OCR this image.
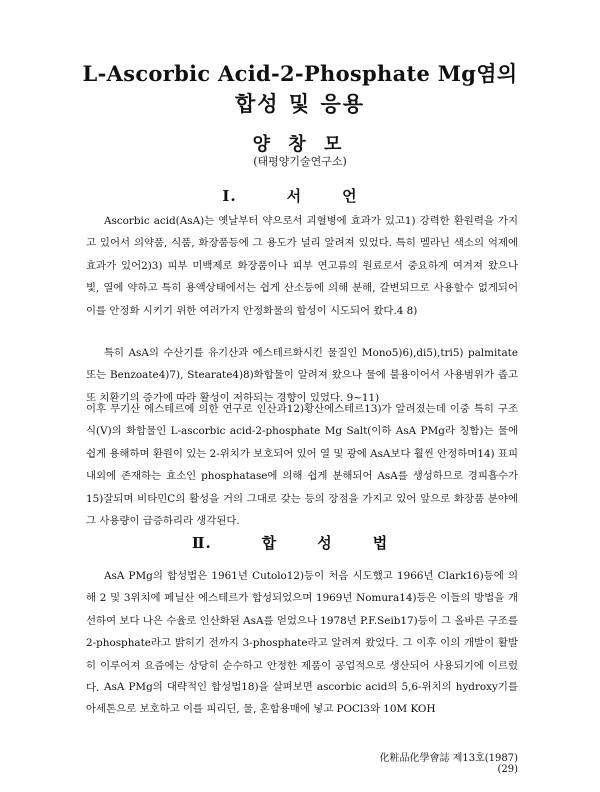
L-Ascorbic Acid-2-Phosphate Mg염의
합성 및 응용
양 창 모
(태평양기술연구소)
Ⅰ.	서	언

Ascorbic acid(AsA)는 옛날부터 약으로서 괴혈병에 효과가 있고1) 강력한 환원력을 가지고 있어서 의약품, 식품, 화장품등에 그 용도가 널리 알려져 있었다. 특히 멜라닌 색소의 억제에 효과가 있어2)3) 피부 미백제로 화장품이나 피부 연고류의 원료로서 중요하게 여겨져 왔으나 빛, 열에 약하고 특히 용액상태에서는 쉽게 산소등에 의해 분해, 갈변되므로 사용할수 없게되어 이를 안정화 시키기 위한 여러가지 안정화물의 합성이 시도되어 왔다.4 8)

특히 AsA의 수산기를 유기산과 에스테르화시킨 물질인 Mono5)6),di5),tri5) palmitate 또는 Benzoate4)7), Stearate4)8)화합물이 알려져 왔으나 물에 불용이어서 사용범위가 좁고 또 치환기의 증가에 따라 활성이 저하되는 경향이 있었다. 9~11)

이후 무기산 에스테르에 의한 연구로 인산과12)황산에스테르13)가 알려졌는데 이중 특히 구조식(V)의 화합물인 L-ascorbic acid-2-phosphate Mg Salt(이하 AsA PMg라 칭함)는 물에 쉽게 용해하며 환원이 있는 2-위치가 보호되어 있어 열 및 광에 AsA보다 훨씬 안정하며14) 표피 내외에 존재하는 효소인 phosphatase에 의해 쉽게 분해되어 AsA를 생성하므로 경피흡수가15)잘되며 비타민C의 활성을 거의 그대로 갖는 등의 장점을 가지고 있어 앞으로 화장품 분야에 그 사용량이 급증하리라 생각된다.

Ⅱ.	합	성	법

AsA PMg의 합성법은 1961년 Cutolo12)등이 처음 시도했고 1966년 Clark16)등에 의해 2 및 3위치에 페닐산 에스테르가 합성되었으며 1969년 Nomura14)등은 이들의 방법을 개선하여 보다 나은 수율로 인산화된 AsA를 얻었으나 1978년 P.F.Seib17)등이 그 올바른 구조를 2-phosphate라고 밝히기 전까지 3-phosphate라고 알려져 왔었다. 그 이후 이의 개발이 활발히 이루어져 요즘에는 상당히 순수하고 안정한 제품이 공업적으로 생산되어 사용되기에 이르렀다. AsA PMg의 대략적인 합성법18)을 살펴보면 ascorbic acid의 5,6-위치의 hydroxy기를 아세톤으로 보호하고 이를 피리딘, 물, 혼합용매에 넣고 POCl3와 10M KOH

化粧品化學會誌 제13호(1987) (29)
